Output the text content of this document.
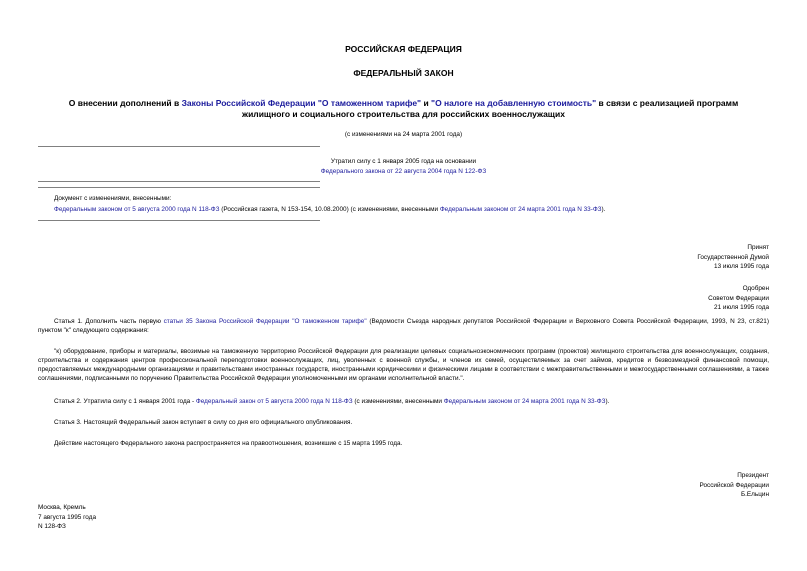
РОССИЙСКАЯ ФЕДЕРАЦИЯ
ФЕДЕРАЛЬНЫЙ ЗАКОН
О внесении дополнений в Законы Российской Федерации "О таможенном тарифе" и "О налоге на добавленную стоимость" в связи с реализацией программ
жилищного и социального строительства для российских военнослужащих
(с изменениями на 24 марта 2001 года)
Утратил силу с 1 января 2005 года на основании
Федерального закона от 22 августа 2004 года N 122-ФЗ
Документ с изменениями, внесенными:
Федеральным законом от 5 августа 2000 года N 118-ФЗ (Российская газета, N 153-154, 10.08.2000) (с изменениями, внесенными Федеральным законом от 24 марта 2001 года N 33-ФЗ).
Принят
Государственной Думой
13 июля 1995 года
Одобрен
Советом Федерации
21 июля 1995 года
Статья 1. Дополнить часть первую статьи 35 Закона Российской Федерации "О таможенном тарифе" (Ведомости Съезда народных депутатов Российской Федерации и Верховного Совета Российской Федерации, 1993, N 23, ст.821) пунктом "к" следующего содержания:
"к) оборудование, приборы и материалы, ввозимые на таможенную территорию Российской Федерации для реализации целевых социальноэкономических программ (проектов) жилищного строительства для военнослужащих, создания, строительства и содержания центров профессиональной переподготовки военнослужащих, лиц, уволенных с военной службы, и членов их семей, осуществляемых за счет займов, кредитов и безвозмездной финансовой помощи, предоставляемых международными организациями и правительствами иностранных государств, иностранными юридическими и физическими лицами в соответствии с межправительственными и межгосударственными соглашениями, а также соглашениями, подписанными по поручению Правительства Российской Федерации уполномоченными им органами исполнительной власти.".
Статья 2. Утратила силу с 1 января 2001 года - Федеральный закон от 5 августа 2000 года N 118-ФЗ (с изменениями, внесенными Федеральным законом от 24 марта 2001 года N 33-ФЗ).
Статья 3. Настоящий Федеральный закон вступает в силу со дня его официального опубликования.
Действие настоящего Федерального закона распространяется на правоотношения, возникшие с 15 марта 1995 года.
Президент
Российской Федерации
Б.Ельцин
Москва, Кремль
7 августа 1995 года
N 128-ФЗ
